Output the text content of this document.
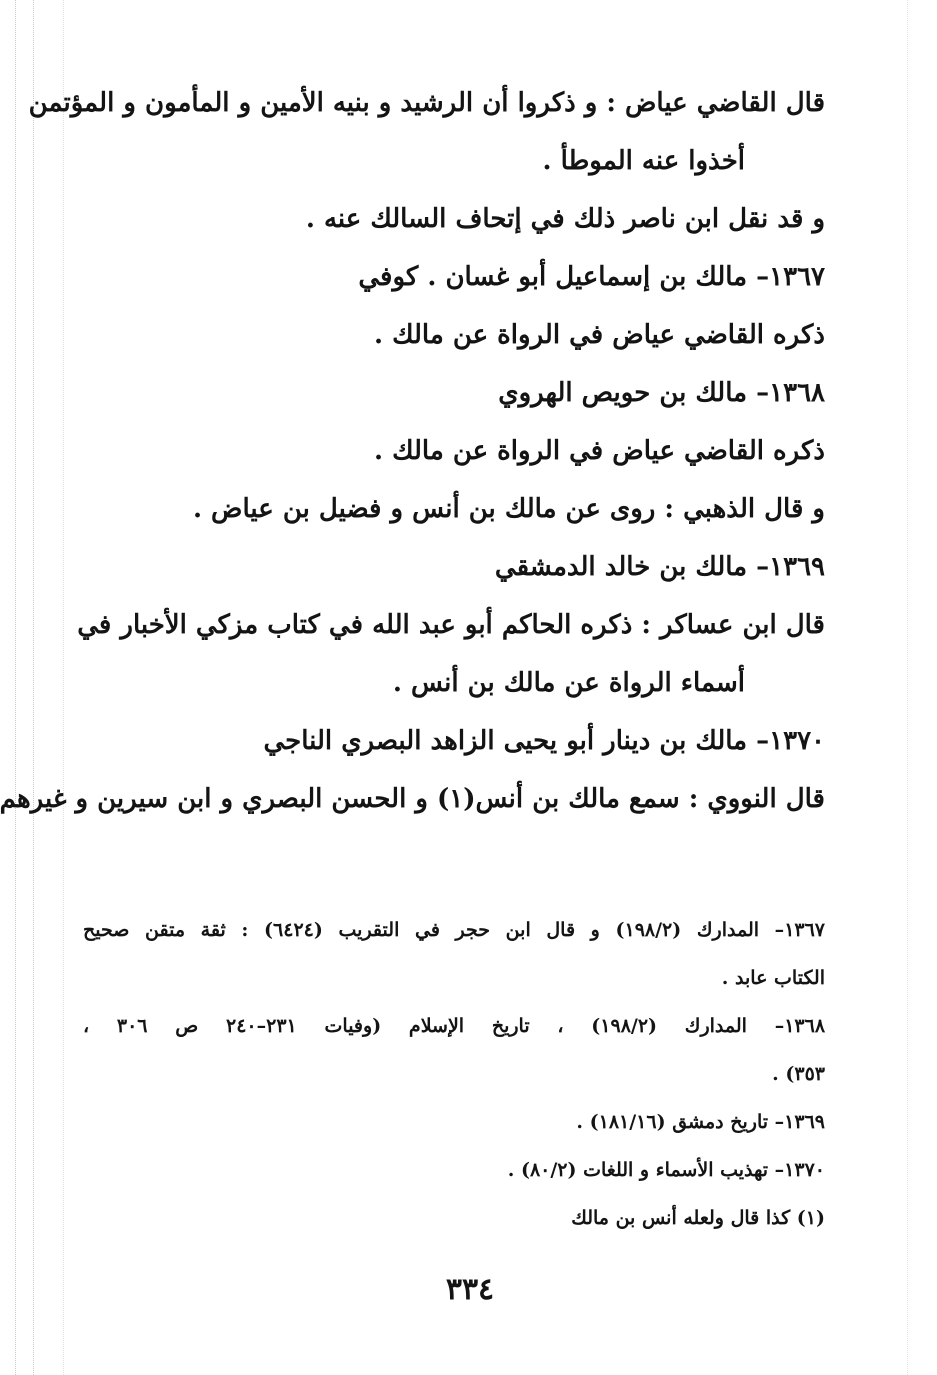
قال القاضي عياض : و ذكروا أن الرشيد و بنيه الأمين و المأمون و المؤتمن
أخذوا عنه الموطأ .
و قد نقل ابن ناصر ذلك في إتحاف السالك عنه .
١٣٦٧– مالك بن إسماعيل أبو غسان . كوفي
ذكره القاضي عياض في الرواة عن مالك .
١٣٦٨– مالك بن حويص الهروي
ذكره القاضي عياض في الرواة عن مالك .
و قال الذهبي : روى عن مالك بن أنس و فضيل بن عياض .
١٣٦٩– مالك بن خالد الدمشقي
قال ابن عساكر : ذكره الحاكم أبو عبد الله في كتاب مزكي الأخبار في
أسماء الرواة عن مالك بن أنس .
١٣٧٠– مالك بن دينار أبو يحيى الزاهد البصري الناجي
قال النووي : سمع مالك بن أنس(١) و الحسن البصري و ابن سيرين و غيرهم
١٣٦٧– المدارك (١٩٨/٢) و قال ابن حجر في التقريب (٦٤٢٤) : ثقة متقن صحيح
الكتاب عابد .
١٣٦٨– المدارك (١٩٨/٢) ، تاريخ الإسلام (وفيات ٢٣١–٢٤٠ ص ٣٠٦ ،
٣٥٣) .
١٣٦٩– تاريخ دمشق (١٨١/١٦) .
١٣٧٠– تهذيب الأسماء و اللغات (٨٠/٢) .
(١) كذا قال ولعله أنس بن مالك
٣٣٤
